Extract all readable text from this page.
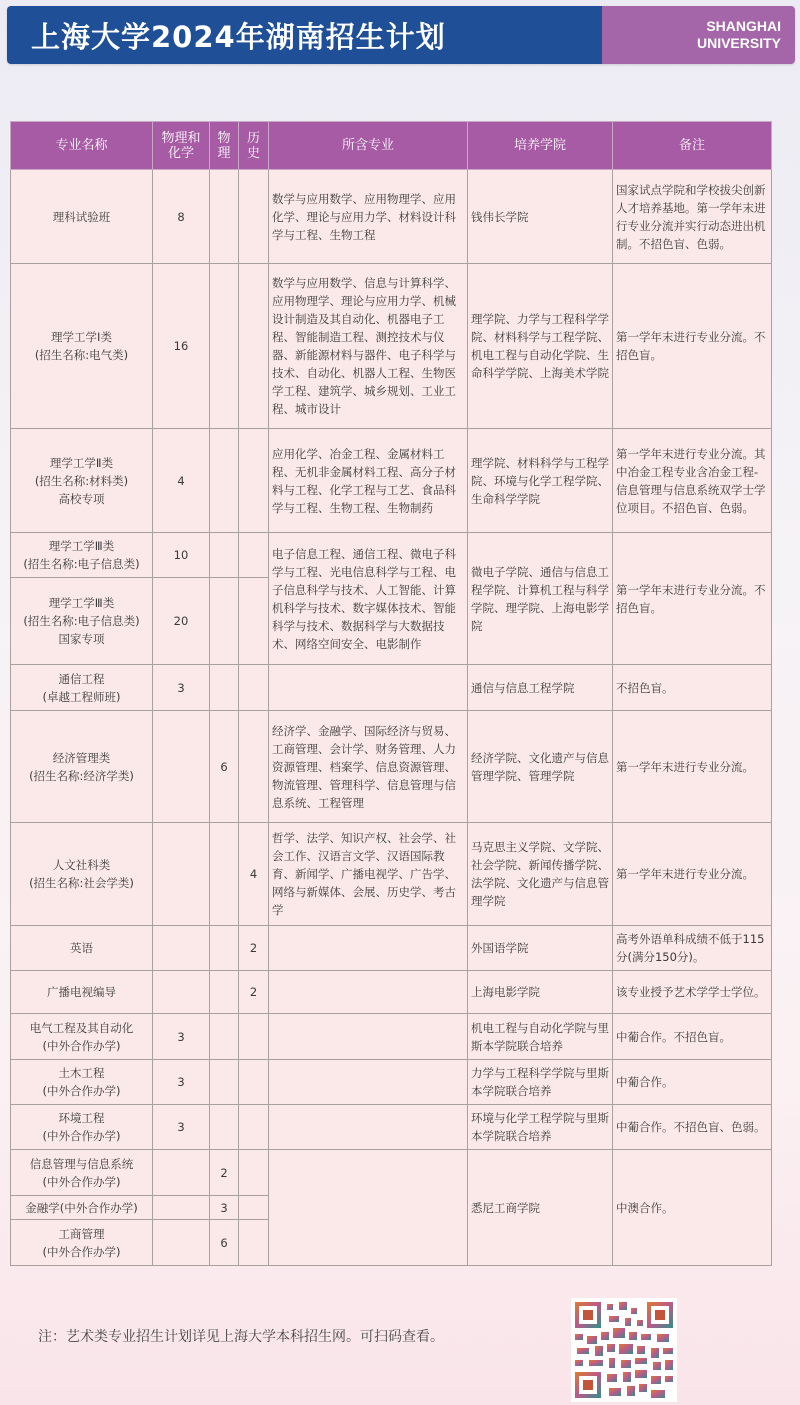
上海大学2024年湖南招生计划	SHANGHAI
UNIVERSITY
专业名称	物理和化学	物理	历史	所含专业	培养学院	备注

理科试验班	8			数学与应用数学、应用物理学、应用化学、理论与应用力学、材料设计科学与工程、生物工程	钱伟长学院	国家试点学院和学校拔尖创新人才培养基地。第一学年末进行专业分流并实行动态进出机制。不招色盲、色弱。

理学工学Ⅰ类
(招生名称:电气类)	16			数学与应用数学、信息与计算科学、应用物理学、理论与应用力学、机械设计制造及其自动化、机器电子工程、智能制造工程、测控技术与仪器、新能源材料与器件、电子科学与技术、自动化、机器人工程、生物医学工程、建筑学、城乡规划、工业工程、城市设计	理学院、力学与工程科学学院、材料科学与工程学院、机电工程与自动化学院、生命科学学院、上海美术学院	第一学年末进行专业分流。不招色盲。

理学工学Ⅱ类
(招生名称:材料类)
高校专项	4			应用化学、冶金工程、金属材料工程、无机非金属材料工程、高分子材料与工程、化学工程与工艺、食品科学与工程、生物工程、生物制药	理学院、材料科学与工程学院、环境与化学工程学院、生命科学学院	第一学年末进行专业分流。其中冶金工程专业含冶金工程-信息管理与信息系统双学士学位项目。不招色盲、色弱。

理学工学Ⅲ类
(招生名称:电子信息类)	10			电子信息工程、通信工程、微电子科学与工程、光电信息科学与工程、电子信息科学与技术、人工智能、计算机科学与技术、数字媒体技术、智能科学与技术、数据科学与大数据技术、网络空间安全、电影制作	微电子学院、通信与信息工程学院、计算机工程与科学学院、理学院、上海电影学院	第一学年末进行专业分流。不招色盲。

理学工学Ⅲ类
(招生名称:电子信息类)
国家专项	20					

通信工程
(卓越工程师班)	3				通信与信息工程学院	不招色盲。

经济管理类
(招生名称:经济学类)		6		经济学、金融学、国际经济与贸易、工商管理、会计学、财务管理、人力资源管理、档案学、信息资源管理、物流管理、管理科学、信息管理与信息系统、工程管理	经济学院、文化遗产与信息管理学院、管理学院	第一学年末进行专业分流。

人文社科类
(招生名称:社会学类)			4	哲学、法学、知识产权、社会学、社会工作、汉语言文学、汉语国际教育、新闻学、广播电视学、广告学、网络与新媒体、会展、历史学、考古学	马克思主义学院、文学院、社会学院、新闻传播学院、法学院、文化遗产与信息管理学院	第一学年末进行专业分流。

英语			2		外国语学院	高考外语单科成绩不低于115分(满分150分)。

广播电视编导			2		上海电影学院	该专业授予艺术学学士学位。

电气工程及其自动化
(中外合作办学)	3				机电工程与自动化学院与里斯本学院联合培养	中葡合作。不招色盲。

土木工程
(中外合作办学)	3				力学与工程科学学院与里斯本学院联合培养	中葡合作。

环境工程
(中外合作办学)	3				环境与化学工程学院与里斯本学院联合培养	中葡合作。不招色盲、色弱。

信息管理与信息系统
(中外合作办学)		2			悉尼工商学院	中澳合作。

金融学(中外合作办学)		3				

工商管理
(中外合作办学)		6				
注：艺术类专业招生计划详见上海大学本科招生网。可扫码查看。
